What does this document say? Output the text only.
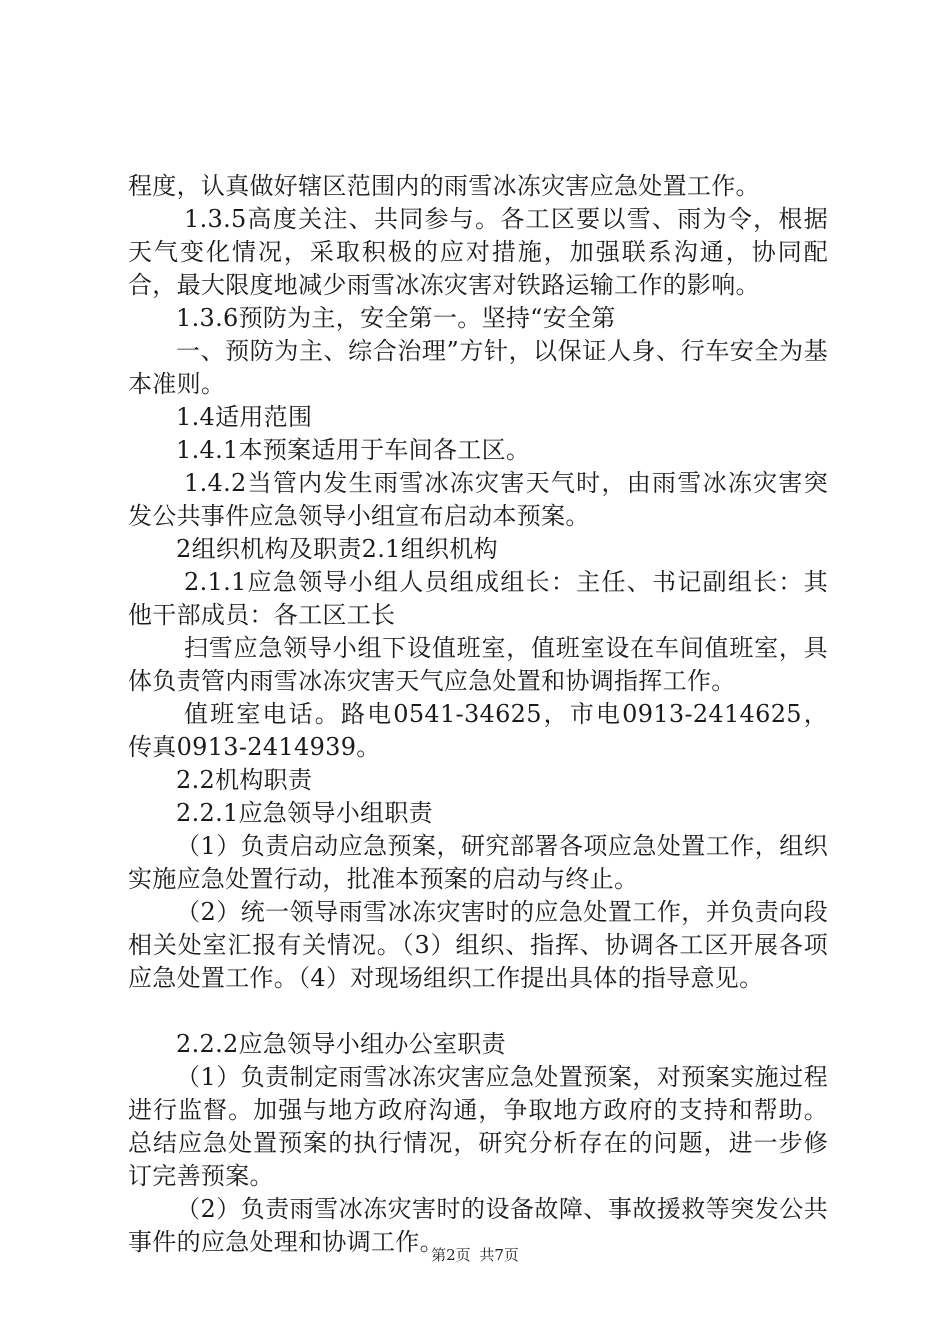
程度，认真做好辖区范围内的雨雪冰冻灾害应急处置工作。

1.3.5高度关注、共同参与。各工区要以雪、雨为令，根据天气变化情况，采取积极的应对措施，加强联系沟通，协同配合，最大限度地减少雨雪冰冻灾害对铁路运输工作的影响。

1.3.6预防为主，安全第一。坚持“安全第

一、预防为主、综合治理”方针，以保证人身、行车安全为基本准则。

1.4适用范围

1.4.1本预案适用于车间各工区。

1.4.2当管内发生雨雪冰冻灾害天气时，由雨雪冰冻灾害突发公共事件应急领导小组宣布启动本预案。

2组织机构及职责2.1组织机构

2.1.1应急领导小组人员组成组长：主任、书记副组长：其他干部成员：各工区工长

扫雪应急领导小组下设值班室，值班室设在车间值班室，具体负责管内雨雪冰冻灾害天气应急处置和协调指挥工作。

值班室电话。路电0541-34625，市电0913-2414625，传真0913-2414939。

2.2机构职责

2.2.1应急领导小组职责

（1）负责启动应急预案，研究部署各项应急处置工作，组织实施应急处置行动，批准本预案的启动与终止。

（2）统一领导雨雪冰冻灾害时的应急处置工作，并负责向段相关处室汇报有关情况。（3）组织、指挥、协调各工区开展各项应急处置工作。（4）对现场组织工作提出具体的指导意见。

2.2.2应急领导小组办公室职责

（1）负责制定雨雪冰冻灾害应急处置预案，对预案实施过程进行监督。加强与地方政府沟通，争取地方政府的支持和帮助。总结应急处置预案的执行情况，研究分析存在的问题，进一步修订完善预案。

（2）负责雨雪冰冻灾害时的设备故障、事故援救等突发公共事件的应急处理和协调工作。

第2页 共7页
